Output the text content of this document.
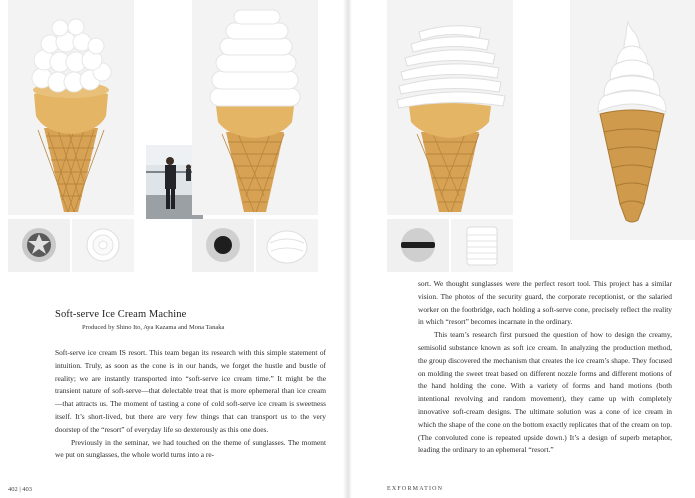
Soft-serve Ice Cream Machine
Produced by Shino Ito, Aya Kazama and Mona Tanaka

Soft-serve ice cream IS resort. This team began its research with this simple statement of intuition. Truly, as soon as the cone is in our hands, we forget the hustle and bustle of reality; we are instantly transported into “soft-serve ice cream time.” It might be the transient nature of soft-serve—that delectable treat that is more ephemeral than ice cream—that attracts us. The moment of tasting a cone of cold soft-serve ice cream is sweetness itself. It’s short-lived, but there are very few things that can transport us to the very doorstep of the “resort” of everyday life so dexterously as this one does.

Previously in the seminar, we had touched on the theme of sunglasses. The moment we put on sunglasses, the whole world turns into a re-

sort. We thought sunglasses were the perfect resort tool. This project has a similar vision. The photos of the security guard, the corporate receptionist, or the salaried worker on the footbridge, each holding a soft-serve cone, precisely reflect the reality in which “resort” becomes incarnate in the ordinary.

This team’s research first pursued the question of how to design the creamy, semisolid substance known as soft ice cream. In analyzing the production method, the group discovered the mechanism that creates the ice cream’s shape. They focused on molding the sweet treat based on different nozzle forms and different motions of the hand holding the cone. With a variety of forms and hand motions (both intentional revolving and random movement), they came up with completely innovative soft-cream designs. The ultimate solution was a cone of ice cream in which the shape of the cone on the bottom exactly replicates that of the cream on top. (The convoluted cone is repeated upside down.) It’s a design of superb metaphor, leading the ordinary to an ephemeral “resort.”

402 | 403	EXFORMATION
